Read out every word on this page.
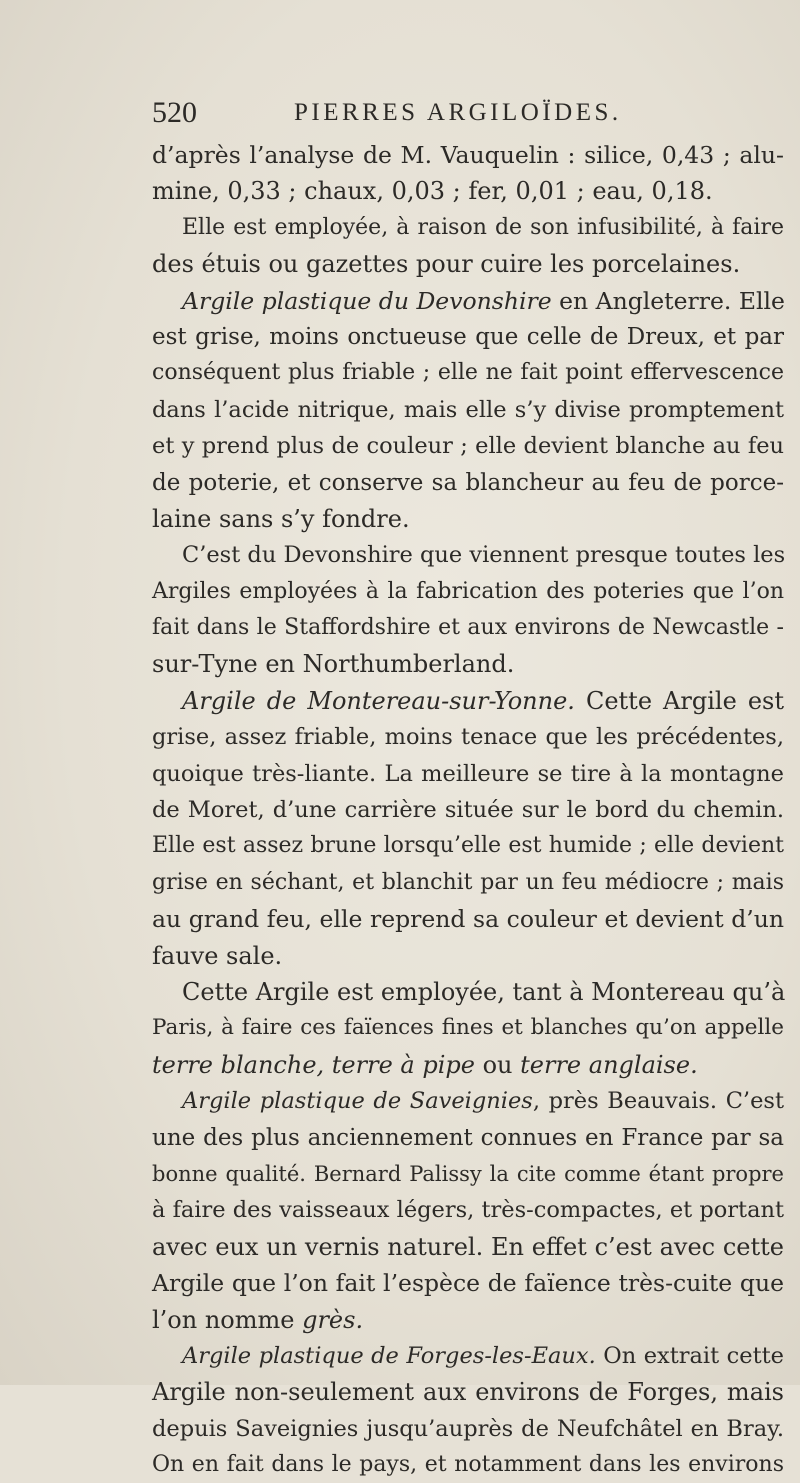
520	PIERRES ARGILOÏDES.
d’après l’analyse de M. Vauquelin : silice, 0,43 ; alu-
mine, 0,33 ; chaux, 0,03 ; fer, 0,01 ; eau, 0,18.
Elle est employée, à raison de son infusibilité, à faire
des étuis ou gazettes pour cuire les porcelaines.
Argile plastique du Devonshire en Angleterre. Elle
est grise, moins onctueuse que celle de Dreux, et par
conséquent plus friable ; elle ne fait point effervescence
dans l’acide nitrique, mais elle s’y divise promptement
et y prend plus de couleur ; elle devient blanche au feu
de poterie, et conserve sa blancheur au feu de porce-
laine sans s’y fondre.
C’est du Devonshire que viennent presque toutes les
Argiles employées à la fabrication des poteries que l’on
fait dans le Staffordshire et aux environs de Newcastle -
sur-Tyne en Northumberland.
Argile de Montereau-sur-Yonne. Cette Argile est
grise, assez friable, moins tenace que les précédentes,
quoique très-liante. La meilleure se tire à la montagne
de Moret, d’une carrière située sur le bord du chemin.
Elle est assez brune lorsqu’elle est humide ; elle devient
grise en séchant, et blanchit par un feu médiocre ; mais
au grand feu, elle reprend sa couleur et devient d’un
fauve sale.
Cette Argile est employée, tant à Montereau qu’à
Paris, à faire ces faïences fines et blanches qu’on appelle
terre blanche, terre à pipe ou terre anglaise.
Argile plastique de Saveignies, près Beauvais. C’est
une des plus anciennement connues en France par sa
bonne qualité. Bernard Palissy la cite comme étant propre
à faire des vaisseaux légers, très-compactes, et portant
avec eux un vernis naturel. En effet c’est avec cette
Argile que l’on fait l’espèce de faïence très-cuite que
l’on nomme grès.
Argile plastique de Forges-les-Eaux. On extrait cette
Argile non-seulement aux environs de Forges, mais
depuis Saveignies jusqu’auprès de Neufchâtel en Bray.
On en fait dans le pays, et notamment dans les environs
